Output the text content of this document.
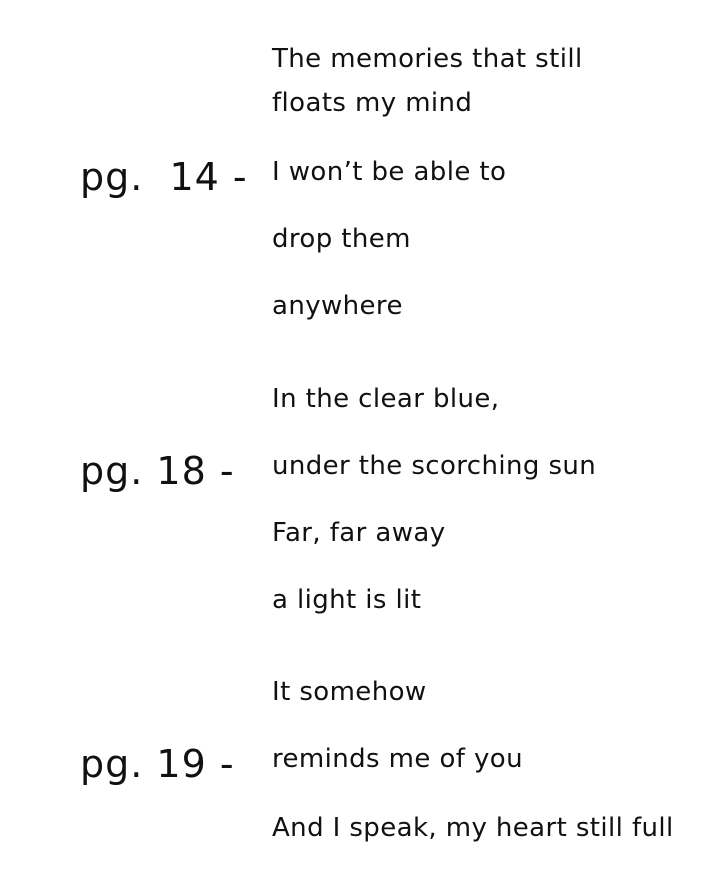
pg.  14 -
The memories that still
floats my mind
I won’t be able to
drop them
anywhere
pg. 18 -
In the clear blue,
under the scorching sun
Far, far away
a light is lit
pg. 19 -
It somehow
reminds me of you
And I speak, my heart still full
